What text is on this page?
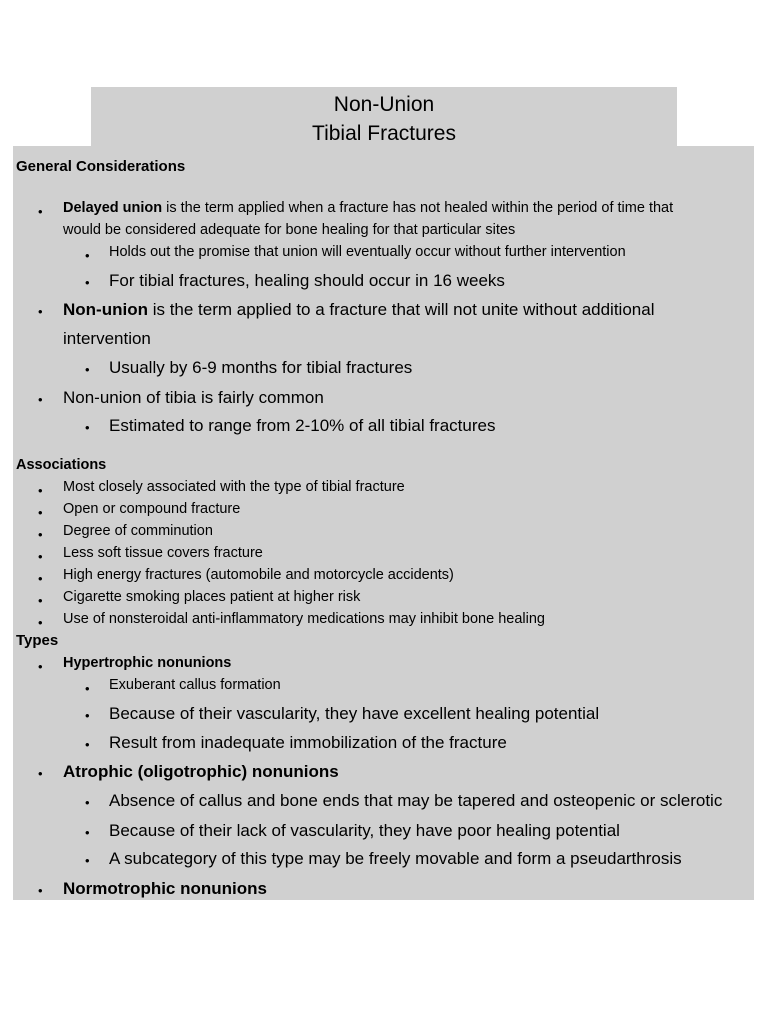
Non-Union
Tibial Fractures
General Considerations
• Delayed union is the term applied when a fracture has not healed within the period of time that
would be considered adequate for bone healing for that particular sites
• Holds out the promise that union will eventually occur without further intervention
• For tibial fractures, healing should occur in 16 weeks
• Non-union is the term applied to a fracture that will not unite without additional
intervention
• Usually by 6-9 months for tibial fractures
• Non-union of tibia is fairly common
• Estimated to range from 2-10% of all tibial fractures
Associations
• Most closely associated with the type of tibial fracture
• Open or compound fracture
• Degree of comminution
• Less soft tissue covers fracture
• High energy fractures (automobile and motorcycle accidents)
• Cigarette smoking places patient at higher risk
• Use of nonsteroidal anti-inflammatory medications may inhibit bone healing
Types
• Hypertrophic nonunions
• Exuberant callus formation
• Because of their vascularity, they have excellent healing potential
• Result from inadequate immobilization of the fracture
• Atrophic (oligotrophic) nonunions
• Absence of callus and bone ends that may be tapered and osteopenic or sclerotic
• Because of their lack of vascularity, they have poor healing potential
• A subcategory of this type may be freely movable and form a pseudarthrosis
• Normotrophic nonunions
